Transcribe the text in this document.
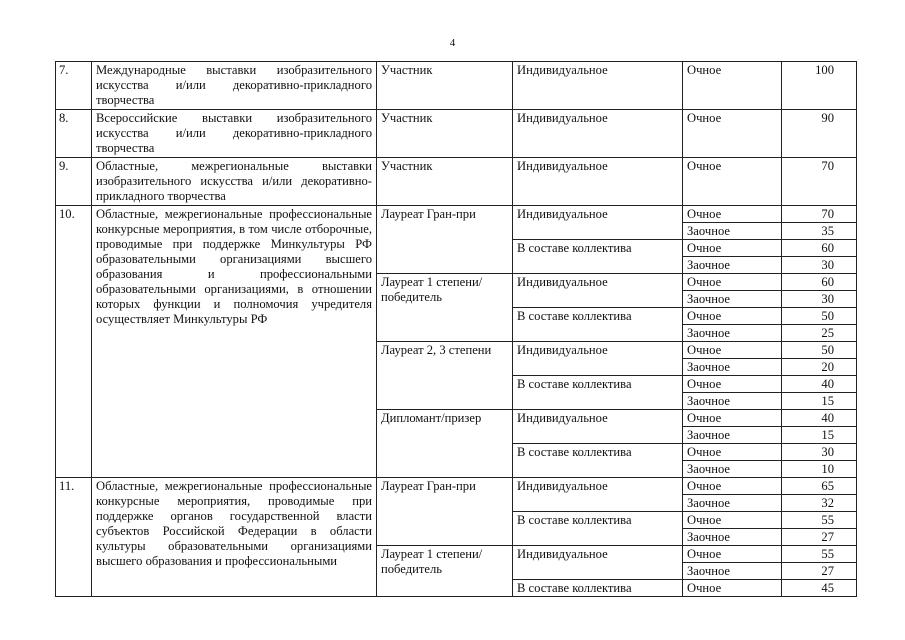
4
7.	Международные выставки изобразительного искусства и/или декоративно-прикладного творчества	Участник	Индивидуальное	Очное	100
8.	Всероссийские выставки изобразительного искусства и/или декоративно-прикладного творчества	Участник	Индивидуальное	Очное	90
9.	Областные, межрегиональные выставки изобразительного искусства и/или декоративно-прикладного творчества	Участник	Индивидуальное	Очное	70
10.	Областные, межрегиональные профессиональные конкурсные мероприятия, в том числе отборочные, проводимые при поддержке Минкультуры РФ образовательными организациями высшего образования и профессиональными образовательными организациями, в отношении которых функции и полномочия учредителя осуществляет Минкультуры РФ	Лауреат Гран-при	Индивидуальное	Очное	70
				Заочное	35
			В составе коллектива	Очное	60
				Заочное	30
		Лауреат 1 степени/ победитель	Индивидуальное	Очное	60
				Заочное	30
			В составе коллектива	Очное	50
				Заочное	25
		Лауреат 2, 3 степени	Индивидуальное	Очное	50
				Заочное	20
			В составе коллектива	Очное	40
				Заочное	15
		Дипломант/призер	Индивидуальное	Очное	40
				Заочное	15
			В составе коллектива	Очное	30
				Заочное	10
11.	Областные, межрегиональные профессиональные конкурсные мероприятия, проводимые при поддержке органов государственной власти субъектов Российской Федерации в области культуры образовательными организациями высшего образования и профессиональными	Лауреат Гран-при	Индивидуальное	Очное	65
				Заочное	32
			В составе коллектива	Очное	55
				Заочное	27
		Лауреат 1 степени/ победитель	Индивидуальное	Очное	55
				Заочное	27
			В составе коллектива	Очное	45
